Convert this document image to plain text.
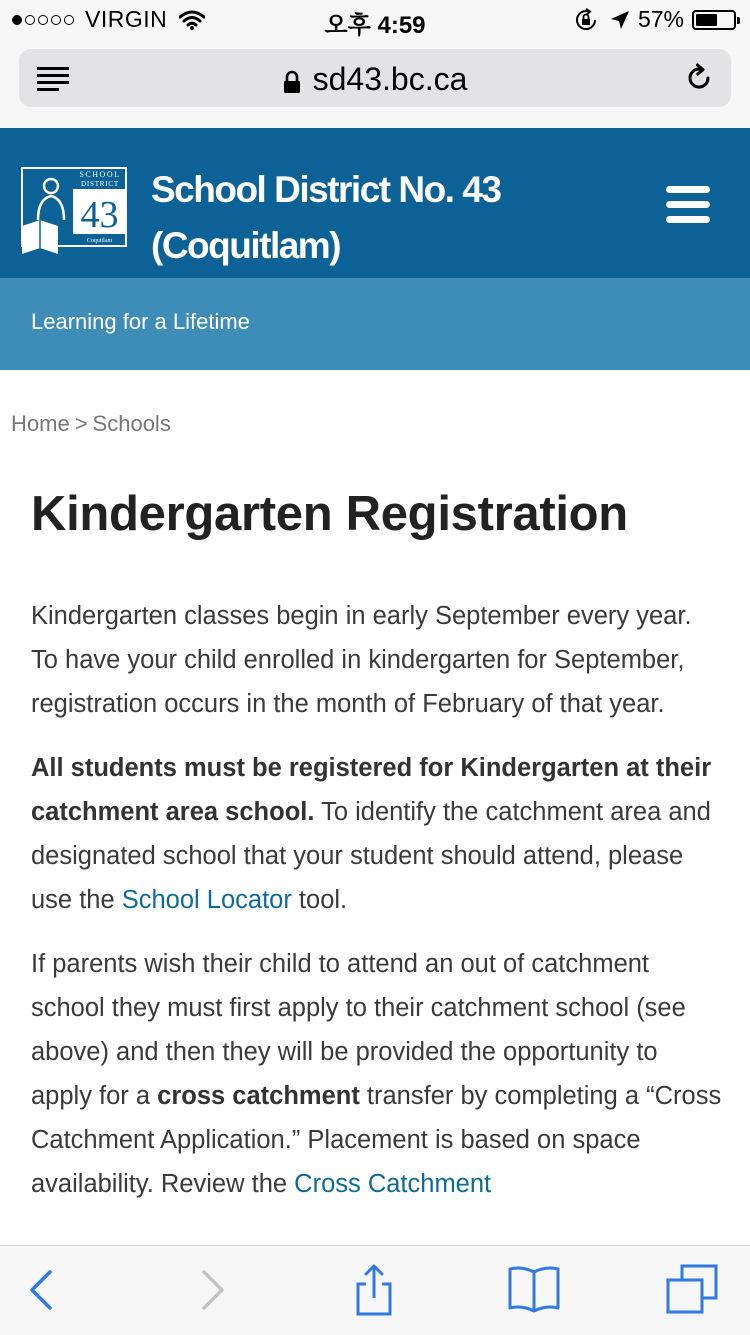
VIRGIN	오후 4:59	57%
sd43.bc.ca
SCHOOL
DISTRICT
43
Coquitlam
School District No. 43
(Coquitlam)
Learning for a Lifetime
Home > Schools
Kindergarten Registration

Kindergarten classes begin in early September every year. To have your child enrolled in kindergarten for September, registration occurs in the month of February of that year.

All students must be registered for Kindergarten at their catchment area school. To identify the catchment area and designated school that your student should attend, please use the School Locator tool.

If parents wish their child to attend an out of catchment school they must first apply to their catchment school (see above) and then they will be provided the opportunity to apply for a cross catchment transfer by completing a “Cross Catchment Application.” Placement is based on space availability. Review the Cross Catchment
